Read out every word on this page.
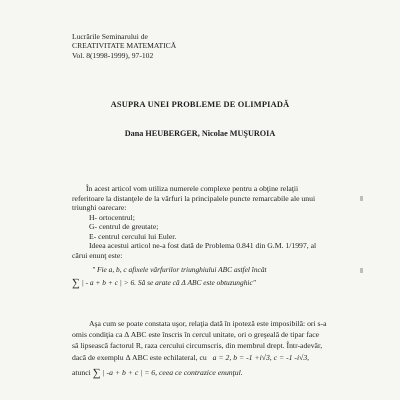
Lucrările Seminarului de
CREATIVITATE MATEMATICĂ
Vol. 8(1998-1999), 97-102
ASUPRA UNEI PROBLEME DE OLIMPIADĂ
Dana HEUBERGER, Nicolae MUŞUROIA
În acest articol vom utiliza numerele complexe pentru a obţine relaţii
referitoare la distanţele de la vârfuri la principalele puncte remarcabile ale unui
triunghi oarecare:
H- ortocentrul;
G- centrul de greutate;
E- centrul cercului lui Euler.
Ideea acestui articol ne-a fost dată de Problema 0.841 din G.M. 1/1997, al
cărui enunţ este:
" Fie a, b, c afixele vârfurilor triunghiului ABC astfel încât
∑ | - a + b + c | > 6. Să se arate că Δ ABC este obtuzunghic"
Aşa cum se poate constata uşor, relaţia dată în ipoteză este imposibilă: ori s-a
omis condiţia ca Δ ABC este înscris în cercul unitate, ori o greşeală de tipar face
să lipsească factorul R, raza cercului circumscris, din membrul drept. Într-adevăr,
dacă de exemplu Δ ABC este echilateral, cu a = 2, b = -1 +i√3, c = -1 -i√3,
atunci ∑ | -a + b + c | = 6, ceea ce contrazice enunţul.
